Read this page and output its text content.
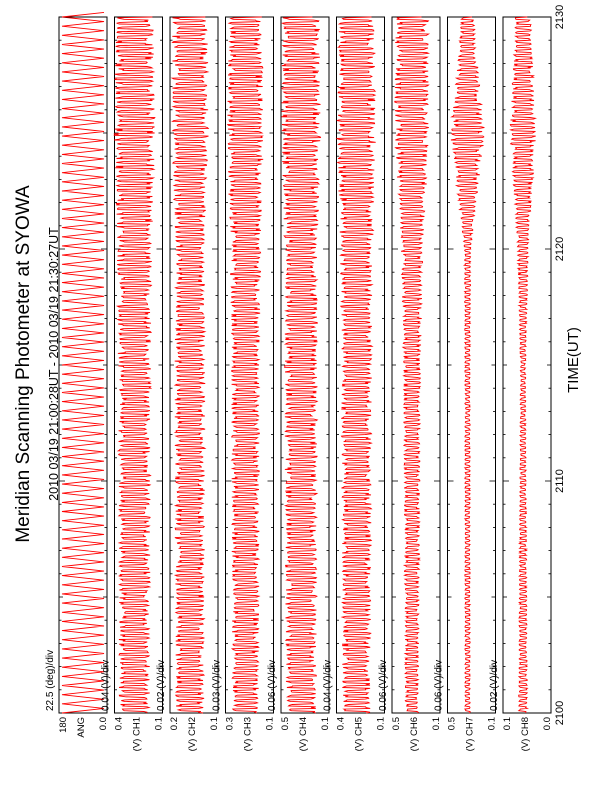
Meridian Scanning Photometer at SYOWA 2010 03/19 21:00:28UT - 2010 03/19 21:30:27UT	TIME(UT)
22.5 (deg)/div
180 ANG 0.0
0.04 (V)/div
0.4 (V) CH1 0.1
0.02 (V)/div
0.2 (V) CH2 0.1
0.03 (V)/div
0.3 (V) CH3 0.1
0.06 (V)/div
0.5 (V) CH4 0.1
0.04 (V)/div
0.4 (V) CH5 0.1
0.06 (V)/div
0.5 (V) CH6 0.1
0.06 (V)/div
0.5 (V) CH7 0.1
0.02 (V)/div
0.1 (V) CH8 0.0 2100
2110
2120
2130
